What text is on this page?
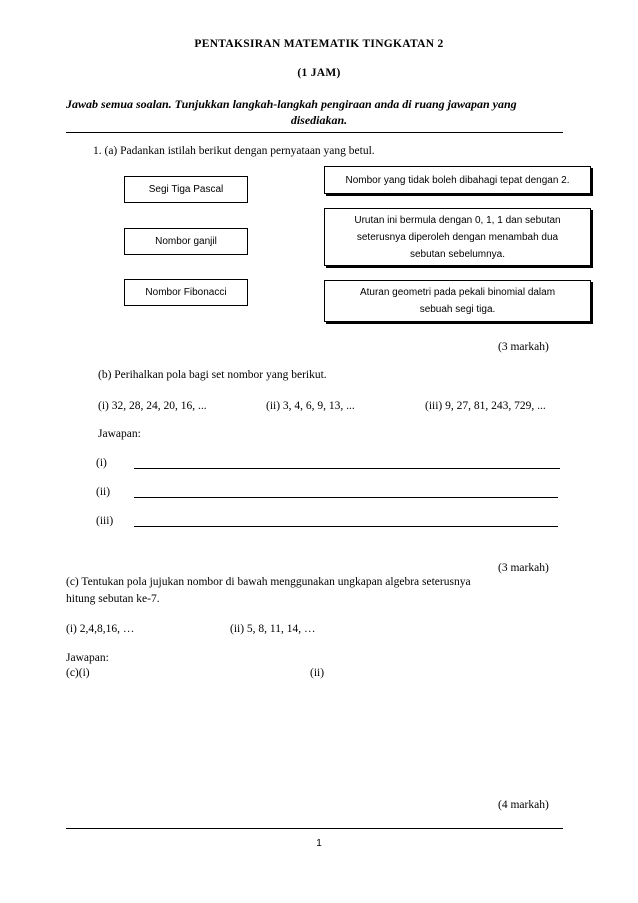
PENTAKSIRAN MATEMATIK TINGKATAN 2
(1 JAM)
Jawab semua soalan. Tunjukkan langkah-langkah pengiraan anda di ruang jawapan yang
disediakan.
1. (a) Padankan istilah berikut dengan pernyataan yang betul.
Segi Tiga Pascal
Nombor ganjil
Nombor Fibonacci
Nombor yang tidak boleh dibahagi tepat dengan 2.
Urutan ini bermula dengan 0, 1, 1 dan sebutan
seterusnya diperoleh dengan menambah dua
sebutan sebelumnya.
Aturan geometri pada pekali binomial dalam
sebuah segi tiga.
(3 markah)
(b) Perihalkan pola bagi set nombor yang berikut.
(i) 32, 28, 24, 20, 16, ...	(ii) 3, 4, 6, 9, 13, ...	(iii) 9, 27, 81, 243, 729, ...
Jawapan:
(i)
(ii)
(iii)
(3 markah)
(c) Tentukan pola jujukan nombor di bawah menggunakan ungkapan algebra seterusnya
hitung sebutan ke-7.
(i) 2,4,8,16, …	(ii) 5, 8, 11, 14, …
Jawapan:
(c)(i)	(ii)
(4 markah)
1
